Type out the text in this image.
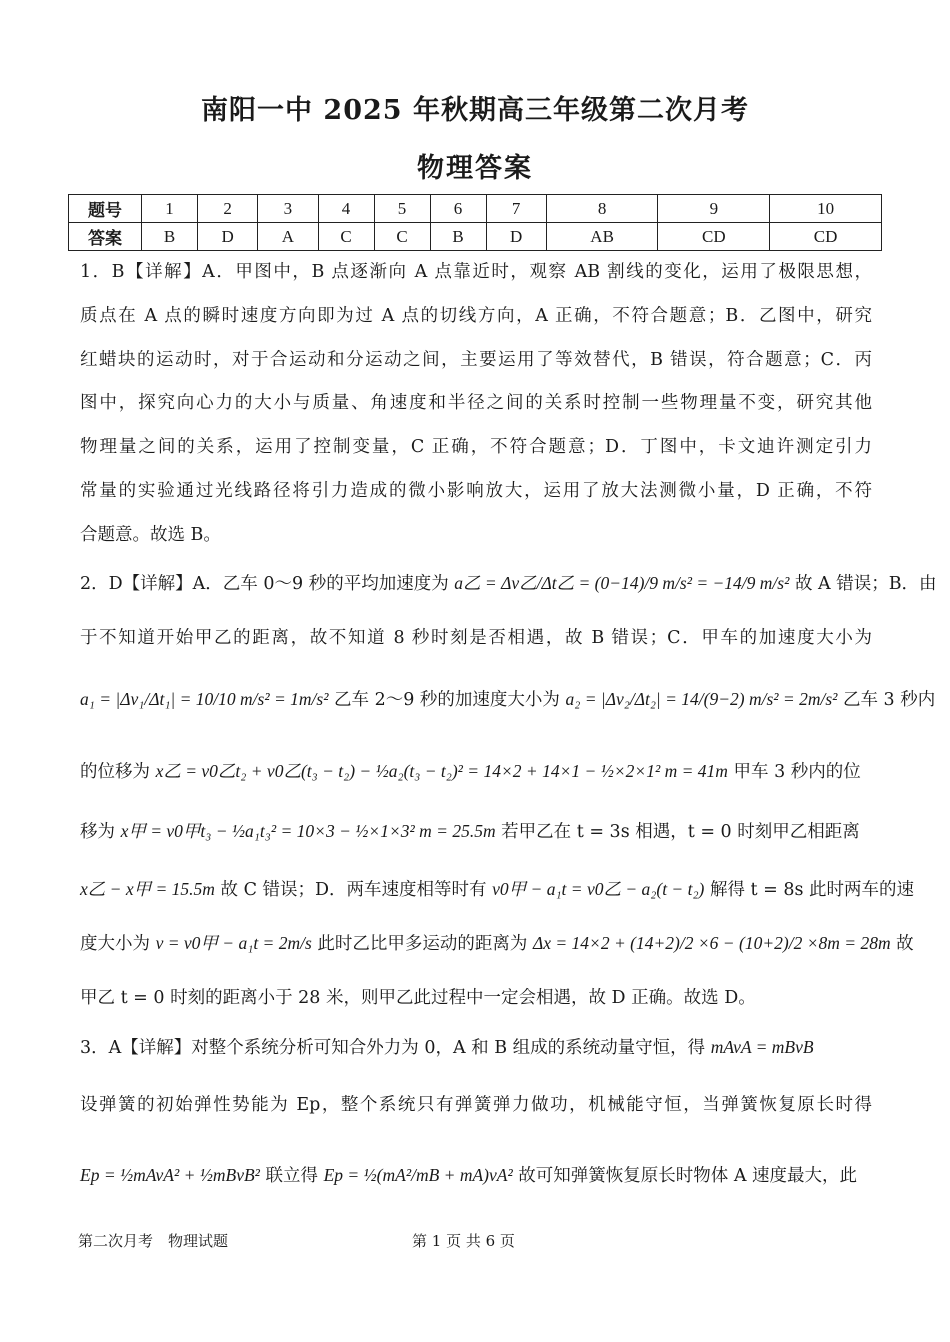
南阳一中 2025 年秋期高三年级第二次月考
物理答案
题号	1	2	3	4	5	6	7	8	9	10
答案	B	D	A	C	C	B	D	AB	CD	CD
1．B【详解】A．甲图中，B 点逐渐向 A 点靠近时，观察 AB 割线的变化，运用了极限思想，
质点在 A 点的瞬时速度方向即为过 A 点的切线方向，A 正确，不符合题意；B．乙图中，研究
红蜡块的运动时，对于合运动和分运动之间，主要运用了等效替代，B 错误，符合题意；C．丙
图中，探究向心力的大小与质量、角速度和半径之间的关系时控制一些物理量不变，研究其他
物理量之间的关系，运用了控制变量，C 正确，不符合题意；D．丁图中，卡文迪许测定引力
常量的实验通过光线路径将引力造成的微小影响放大，运用了放大法测微小量，D 正确，不符
合题意。故选 B。
2．D【详解】A．乙车 0～9 秒的平均加速度为 a乙 = Δv乙/Δt乙 = (0−14)/9 m/s² = −14/9 m/s² 故 A 错误；B．由
于不知道开始甲乙的距离，故不知道 8 秒时刻是否相遇，故 B 错误；C．甲车的加速度大小为
a₁ = |Δv₁/Δt₁| = 10/10 m/s² = 1m/s² 乙车 2～9 秒的加速度大小为 a₂ = |Δv₂/Δt₂| = 14/(9−2) m/s² = 2m/s² 乙车 3 秒内
的位移为 x乙 = v0乙t₂ + v0乙(t₃ − t₂) − ½a₂(t₃ − t₂)² = 14×2 + 14×1 − ½×2×1² m = 41m 甲车 3 秒内的位
移为 x甲 = v0甲t₃ − ½a₁t₃² = 10×3 − ½×1×3² m = 25.5m 若甲乙在 t = 3s 相遇，t = 0 时刻甲乙相距离
x乙 − x甲 = 15.5m 故 C 错误；D．两车速度相等时有 v0甲 − a₁t = v0乙 − a₂(t − t₂) 解得 t = 8s 此时两车的速
度大小为 v = v0甲 − a₁t = 2m/s 此时乙比甲多运动的距离为 Δx = 14×2 + (14+2)/2 ×6 − (10+2)/2 ×8m = 28m 故
甲乙 t = 0 时刻的距离小于 28 米，则甲乙此过程中一定会相遇，故 D 正确。故选 D。
3．A【详解】对整个系统分析可知合外力为 0，A 和 B 组成的系统动量守恒，得 mAvA = mBvB
设弹簧的初始弹性势能为 Ep，整个系统只有弹簧弹力做功，机械能守恒，当弹簧恢复原长时得
Ep = ½mAvA² + ½mBvB² 联立得 Ep = ½(mA²/mB + mA)vA² 故可知弹簧恢复原长时物体 A 速度最大，此
第二次月考　物理试题	第 1 页 共 6 页
